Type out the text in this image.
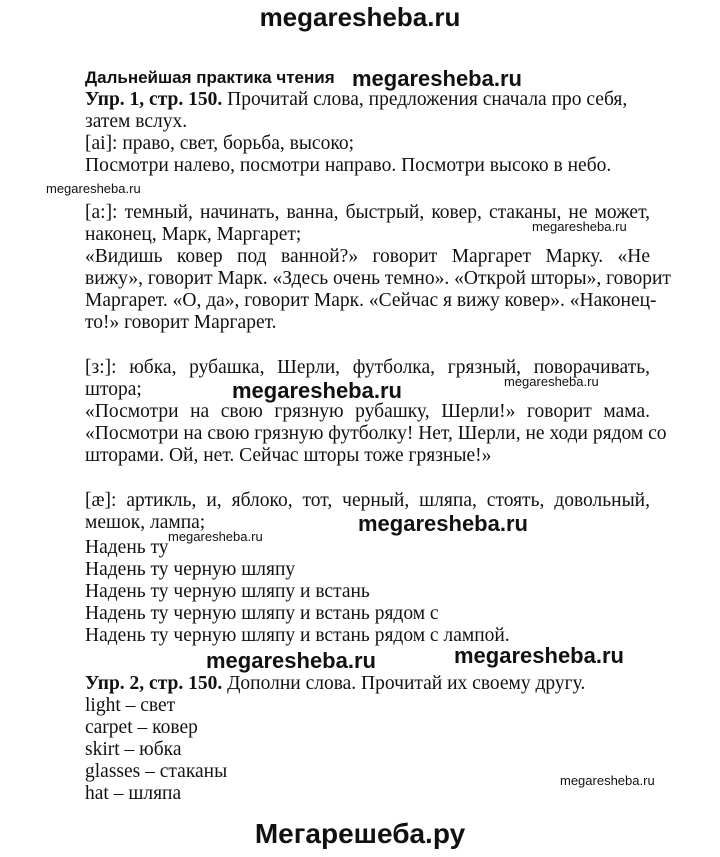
megaresheba.ru
Мегарешеба.ру
megaresheba.ru
megaresheba.ru
megaresheba.ru
megaresheba.ru	megaresheba.ru
megaresheba.ru
megaresheba.ru
megaresheba.ru	megaresheba.ru
megaresheba.ru
Дальнейшая практика чтения
Упр. 1, стр. 150. Прочитай слова, предложения сначала про себя,
затем вслух.
[ai]: право, свет, борьба, высоко;
Посмотри налево, посмотри направо. Посмотри высоко в небо.
[a:]: темный, начинать, ванна, быстрый, ковер, стаканы, не может,
наконец, Марк, Маргарет;
«Видишь ковер под ванной?» говорит Маргарет Марку. «Не
вижу», говорит Марк. «Здесь очень темно». «Открой шторы», говорит
Маргарет. «О, да», говорит Марк. «Сейчас я вижу ковер». «Наконец-
то!» говорит Маргарет.
[з:]: юбка, рубашка, Шерли, футболка, грязный, поворачивать,
штора;
«Посмотри на свою грязную рубашку, Шерли!» говорит мама.
«Посмотри на свою грязную футболку! Нет, Шерли, не ходи рядом со
шторами. Ой, нет. Сейчас шторы тоже грязные!»
[æ]: артикль, и, яблоко, тот, черный, шляпа, стоять, довольный,
мешок, лампа;
Надень ту
Надень ту черную шляпу
Надень ту черную шляпу и встань
Надень ту черную шляпу и встань рядом с
Надень ту черную шляпу и встань рядом с лампой.
Упр. 2, стр. 150. Дополни слова. Прочитай их своему другу.
light – свет
carpet – ковер
skirt – юбка
glasses – стаканы
hat – шляпа
